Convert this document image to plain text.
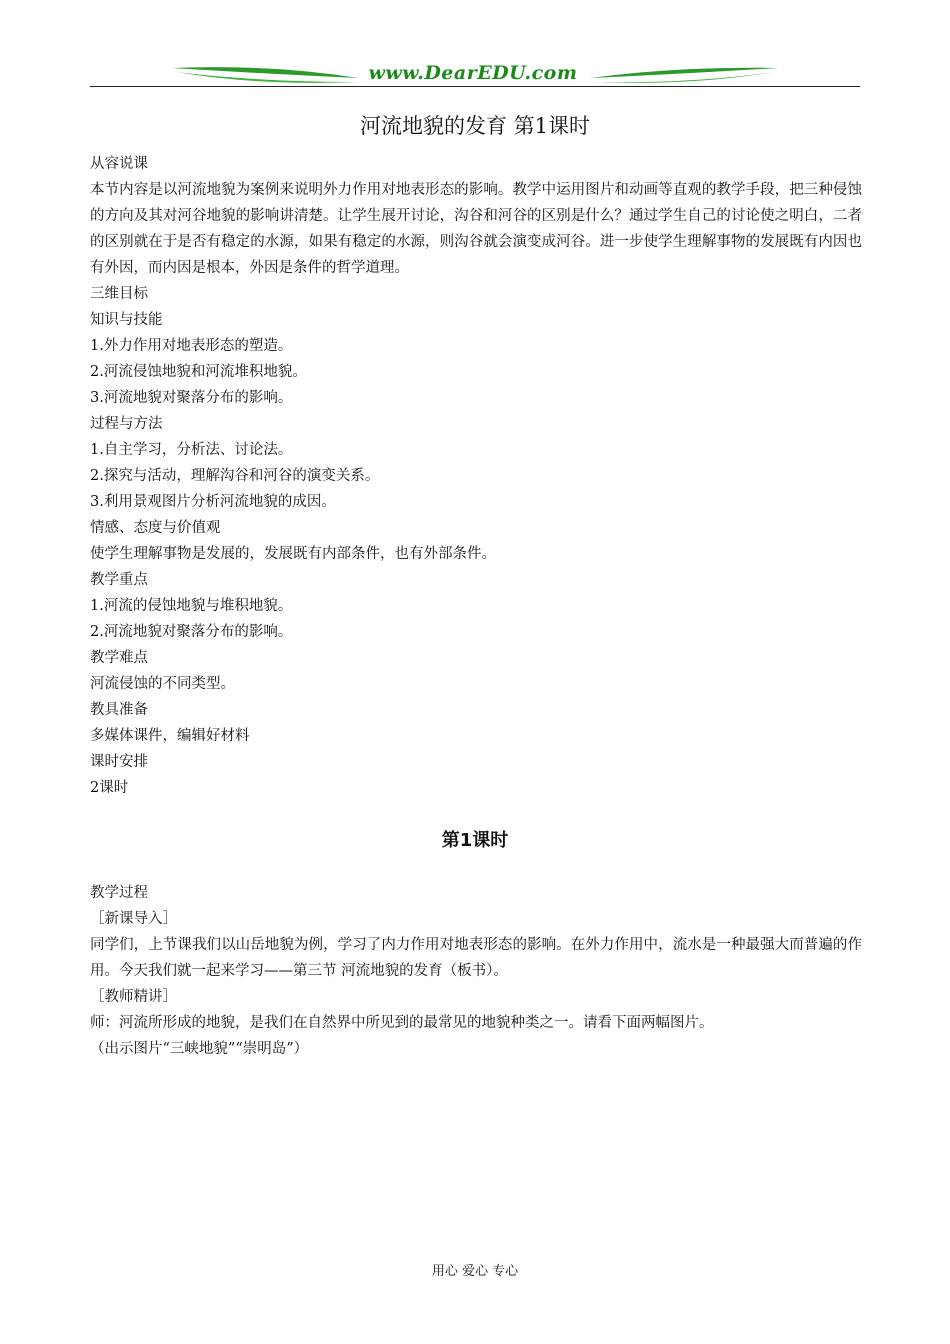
www.DearEDU.com
河流地貌的发育 第1课时

从容说课

本节内容是以河流地貌为案例来说明外力作用对地表形态的影响。教学中运用图片和动画等直观的教学手段，把三种侵蚀的方向及其对河谷地貌的影响讲清楚。让学生展开讨论，沟谷和河谷的区别是什么？通过学生自己的讨论使之明白，二者的区别就在于是否有稳定的水源，如果有稳定的水源，则沟谷就会演变成河谷。进一步使学生理解事物的发展既有内因也有外因，而内因是根本，外因是条件的哲学道理。

三维目标

知识与技能

1.外力作用对地表形态的塑造。

2.河流侵蚀地貌和河流堆积地貌。

3.河流地貌对聚落分布的影响。

过程与方法

1.自主学习，分析法、讨论法。

2.探究与活动，理解沟谷和河谷的演变关系。

3.利用景观图片分析河流地貌的成因。

情感、态度与价值观

使学生理解事物是发展的，发展既有内部条件，也有外部条件。

教学重点

1.河流的侵蚀地貌与堆积地貌。

2.河流地貌对聚落分布的影响。

教学难点

河流侵蚀的不同类型。

教具准备

多媒体课件，编辑好材料

课时安排

2课时

第1课时

教学过程

［新课导入］

同学们，上节课我们以山岳地貌为例，学习了内力作用对地表形态的影响。在外力作用中，流水是一种最强大而普遍的作用。今天我们就一起来学习——第三节 河流地貌的发育（板书）。

［教师精讲］

师：河流所形成的地貌，是我们在自然界中所见到的最常见的地貌种类之一。请看下面两幅图片。

（出示图片“三峡地貌”“崇明岛”）

用心 爱心 专心
